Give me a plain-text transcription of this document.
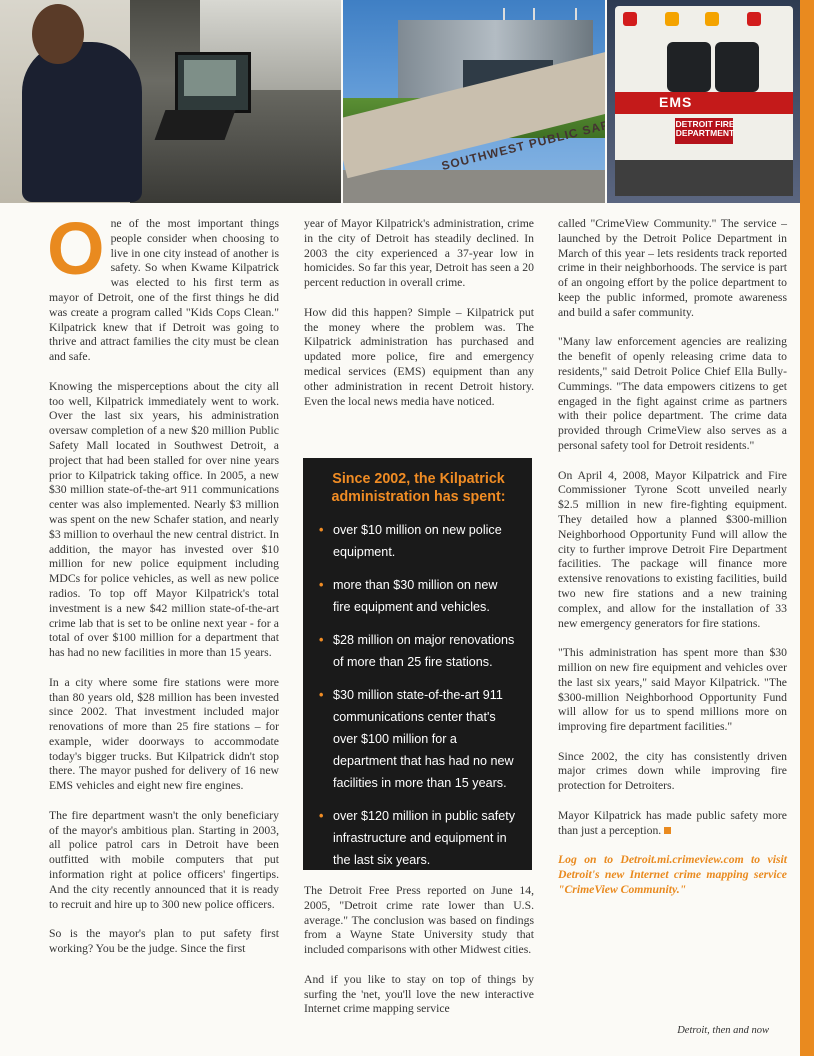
EMS
DETROIT FIRE DEPARTMENT

One of the most important things people consider when choosing to live in one city instead of another is safety. So when Kwame Kilpatrick was elected to his first term as mayor of Detroit, one of the first things he did was create a program called "Kids Cops Clean." Kilpatrick knew that if Detroit was going to thrive and attract families the city must be clean and safe.

Knowing the misperceptions about the city all too well, Kilpatrick immediately went to work. Over the last six years, his administration oversaw completion of a new $20 million Public Safety Mall located in Southwest Detroit, a project that had been stalled for over nine years prior to Kilpatrick taking office. In 2005, a new $30 million state-of-the-art 911 communications center was also implemented. Nearly $3 million was spent on the new Schafer station, and nearly $3 million to overhaul the new central district. In addition, the mayor has invested over $10 million for new police equipment including MDCs for police vehicles, as well as new police radios. To top off Mayor Kilpatrick's total investment is a new $42 million state-of-the-art crime lab that is set to be online next year - for a total of over $100 million for a department that has had no new facilities in more than 15 years.

In a city where some fire stations were more than 80 years old, $28 million has been invested since 2002. That investment included major renovations of more than 25 fire stations – for example, wider doorways to accommodate today's bigger trucks. But Kilpatrick didn't stop there. The mayor pushed for delivery of 16 new EMS vehicles and eight new fire engines.

The fire department wasn't the only beneficiary of the mayor's ambitious plan. Starting in 2003, all police patrol cars in Detroit have been outfitted with mobile computers that put information right at police officers' fingertips. And the city recently announced that it is ready to recruit and hire up to 300 new police officers.

So is the mayor's plan to put safety first working? You be the judge. Since the first

year of Mayor Kilpatrick's administration, crime in the city of Detroit has steadily declined. In 2003 the city experienced a 37-year low in homicides. So far this year, Detroit has seen a 20 percent reduction in overall crime.

How did this happen? Simple – Kilpatrick put the money where the problem was. The Kilpatrick administration has purchased and updated more police, fire and emergency medical services (EMS) equipment than any other administration in recent Detroit history. Even the local news media have noticed.

Since 2002, the Kilpatrick administration has spent:
• over $10 million on new police equipment.
• more than $30 million on new fire equipment and vehicles.
• $28 million on major renovations of more than 25 fire stations.
• $30 million state-of-the-art 911 communications center that's over $100 million for a department that has had no new facilities in more than 15 years.
• over $120 million in public safety infrastructure and equipment in the last six years.

The Detroit Free Press reported on June 14, 2005, "Detroit crime rate lower than U.S. average." The conclusion was based on findings from a Wayne State University study that included comparisons with other Midwest cities.

And if you like to stay on top of things by surfing the 'net, you'll love the new interactive Internet crime mapping service

called "CrimeView Community." The service – launched by the Detroit Police Department in March of this year – lets residents track reported crime in their neighborhoods. The service is part of an ongoing effort by the police department to keep the public informed, promote awareness and build a safer community.

"Many law enforcement agencies are realizing the benefit of openly releasing crime data to residents," said Detroit Police Chief Ella Bully-Cummings. "The data empowers citizens to get engaged in the fight against crime as partners with their police department. The crime data provided through CrimeView also serves as a personal safety tool for Detroit residents."

On April 4, 2008, Mayor Kilpatrick and Fire Commissioner Tyrone Scott unveiled nearly $2.5 million in new fire-fighting equipment. They detailed how a planned $300-million Neighborhood Opportunity Fund will allow the city to further improve Detroit Fire Department facilities. The package will finance more extensive renovations to existing facilities, build two new fire stations and a new training complex, and allow for the installation of 33 new emergency generators for fire stations.

"This administration has spent more than $30 million on new fire equipment and vehicles over the last six years," said Mayor Kilpatrick. "The $300-million Neighborhood Opportunity Fund will allow for us to spend millions more on improving fire department facilities."

Since 2002, the city has consistently driven major crimes down while improving fire protection for Detroiters.

Mayor Kilpatrick has made public safety more than just a perception.

Log on to Detroit.mi.crimeview.com to visit Detroit's new Internet crime mapping service "CrimeView Community."

Detroit, then and now
